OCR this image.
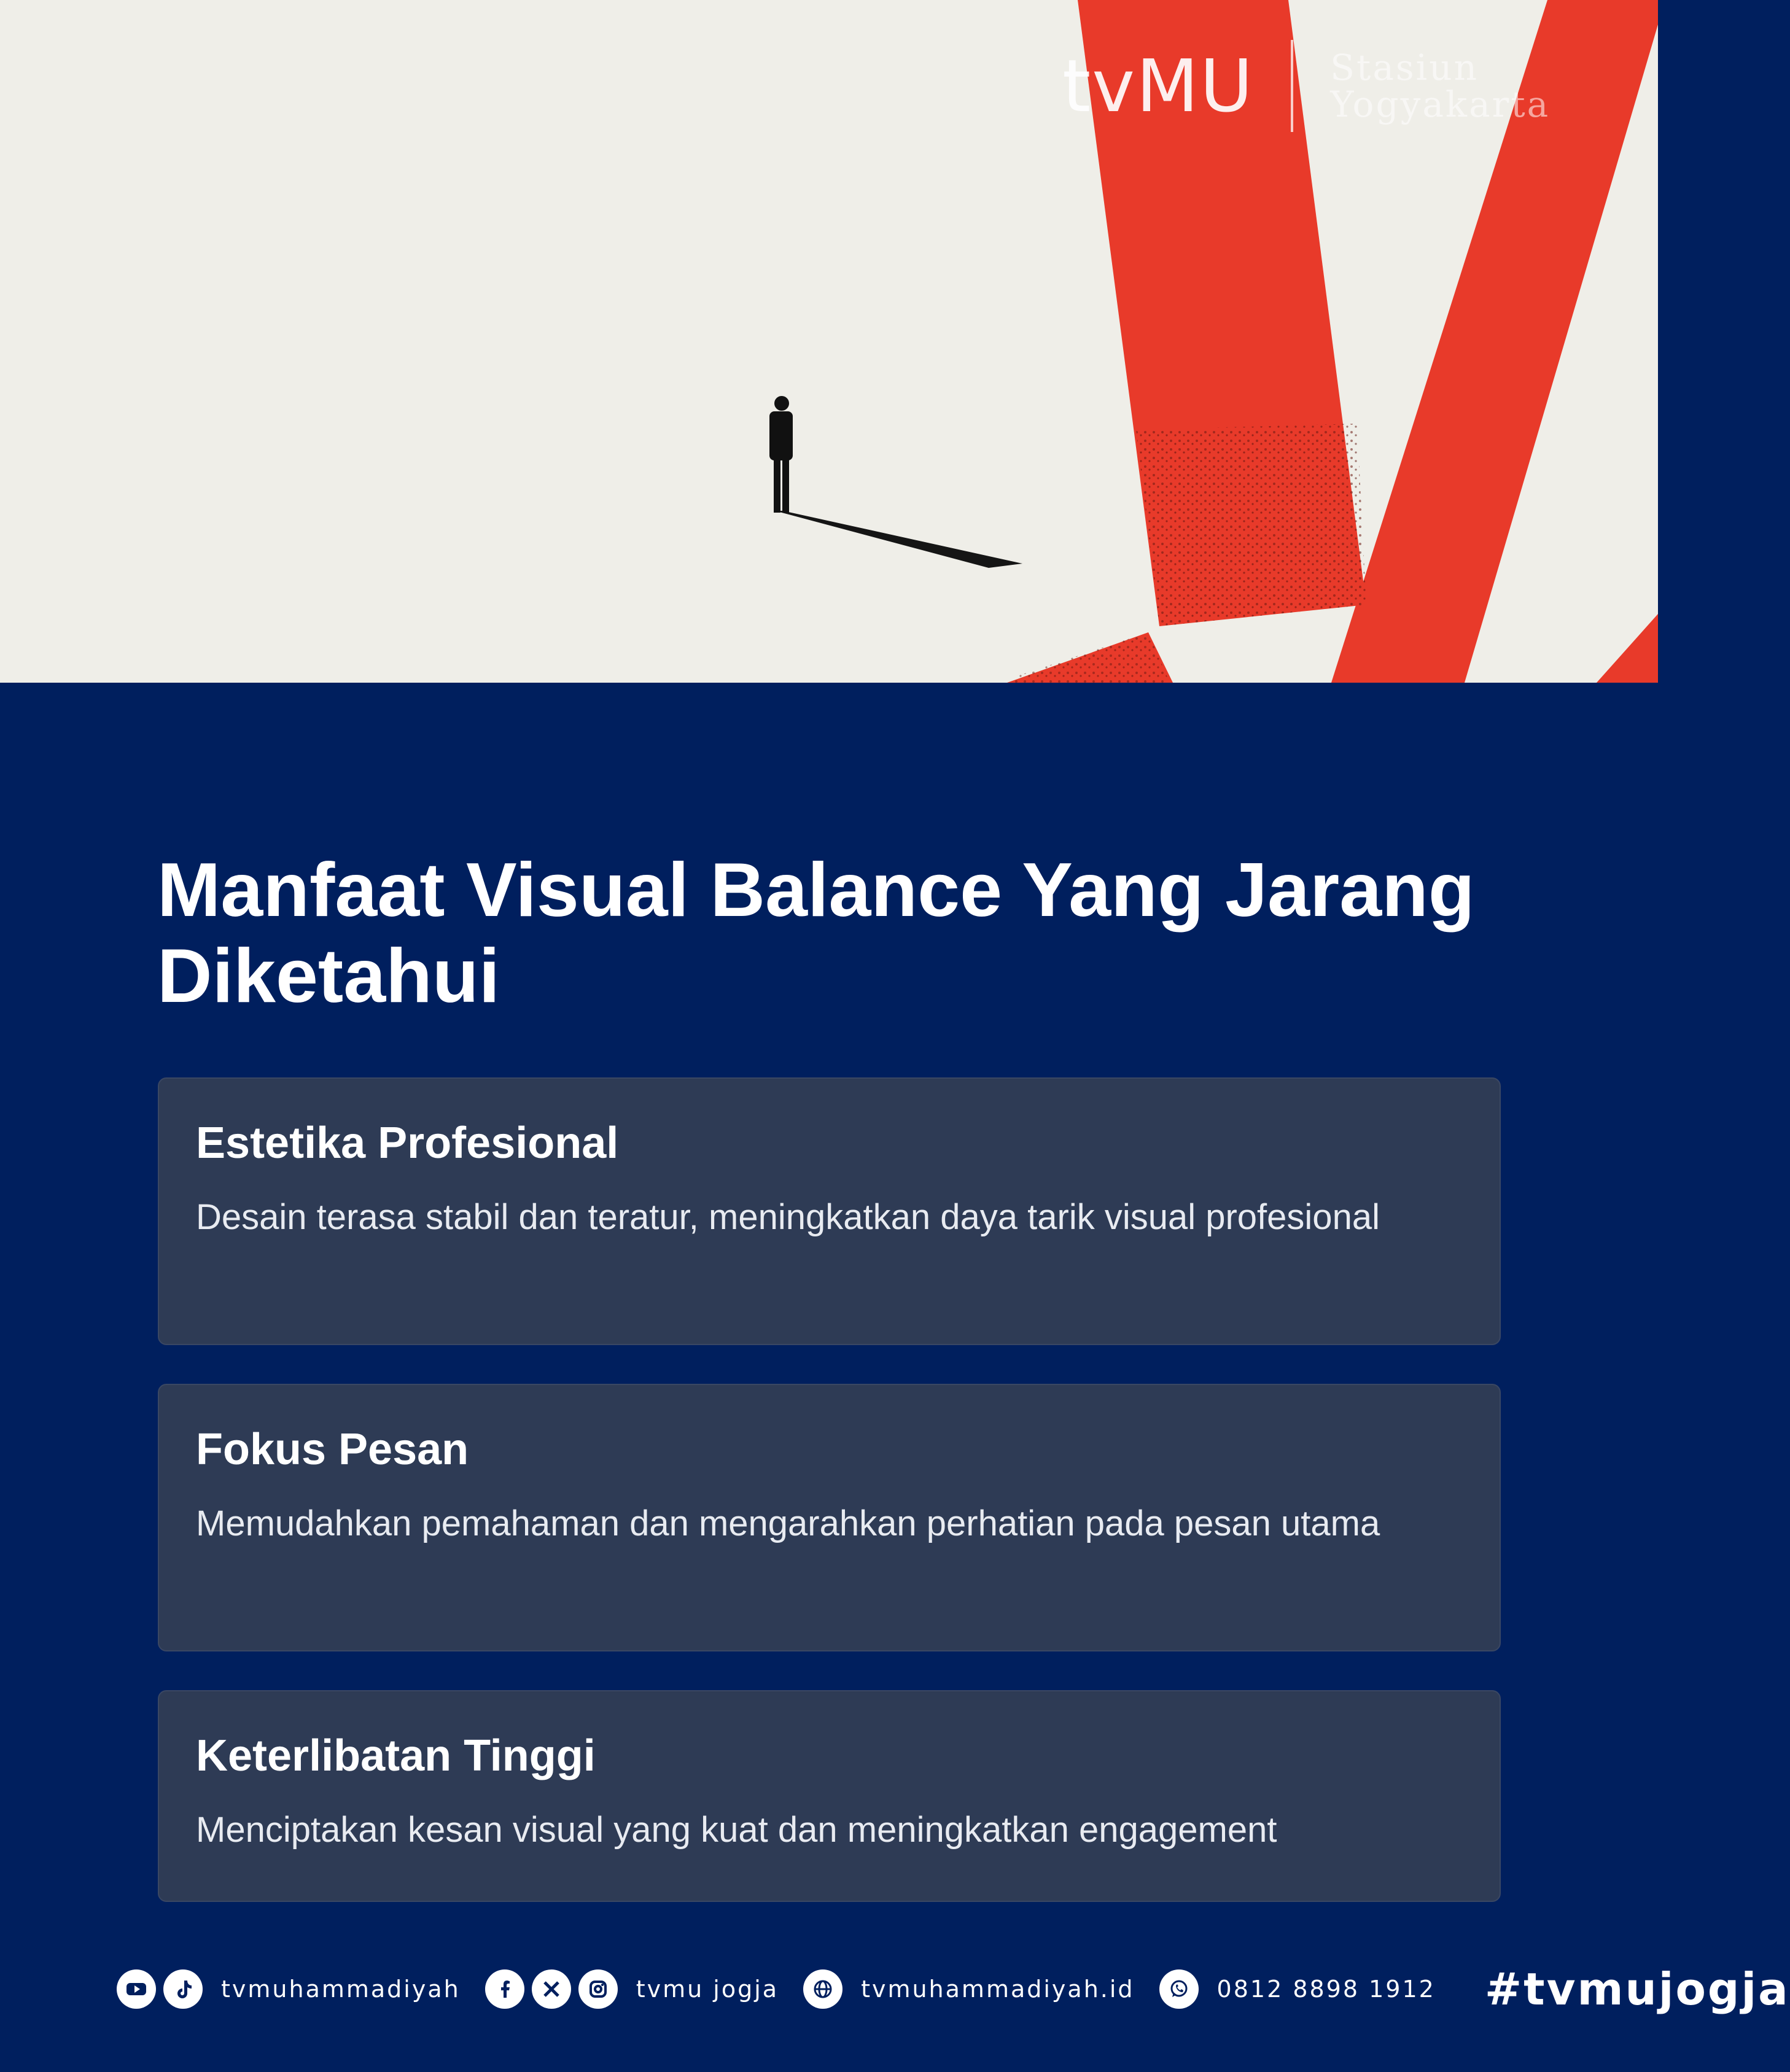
tvMU Stasiun
Yogyakarta
Manfaat Visual Balance Yang Jarang Diketahui
Estetika Profesional

Desain terasa stabil dan teratur, meningkatkan daya tarik visual profesional

Fokus Pesan

Memudahkan pemahaman dan mengarahkan perhatian pada pesan utama

Keterlibatan Tinggi

Menciptakan kesan visual yang kuat dan meningkatkan engagement

tvmuhammadiyah	tvmu jogja	tvmuhammadiyah.id	0812 8898 1912 #tvmujogja
